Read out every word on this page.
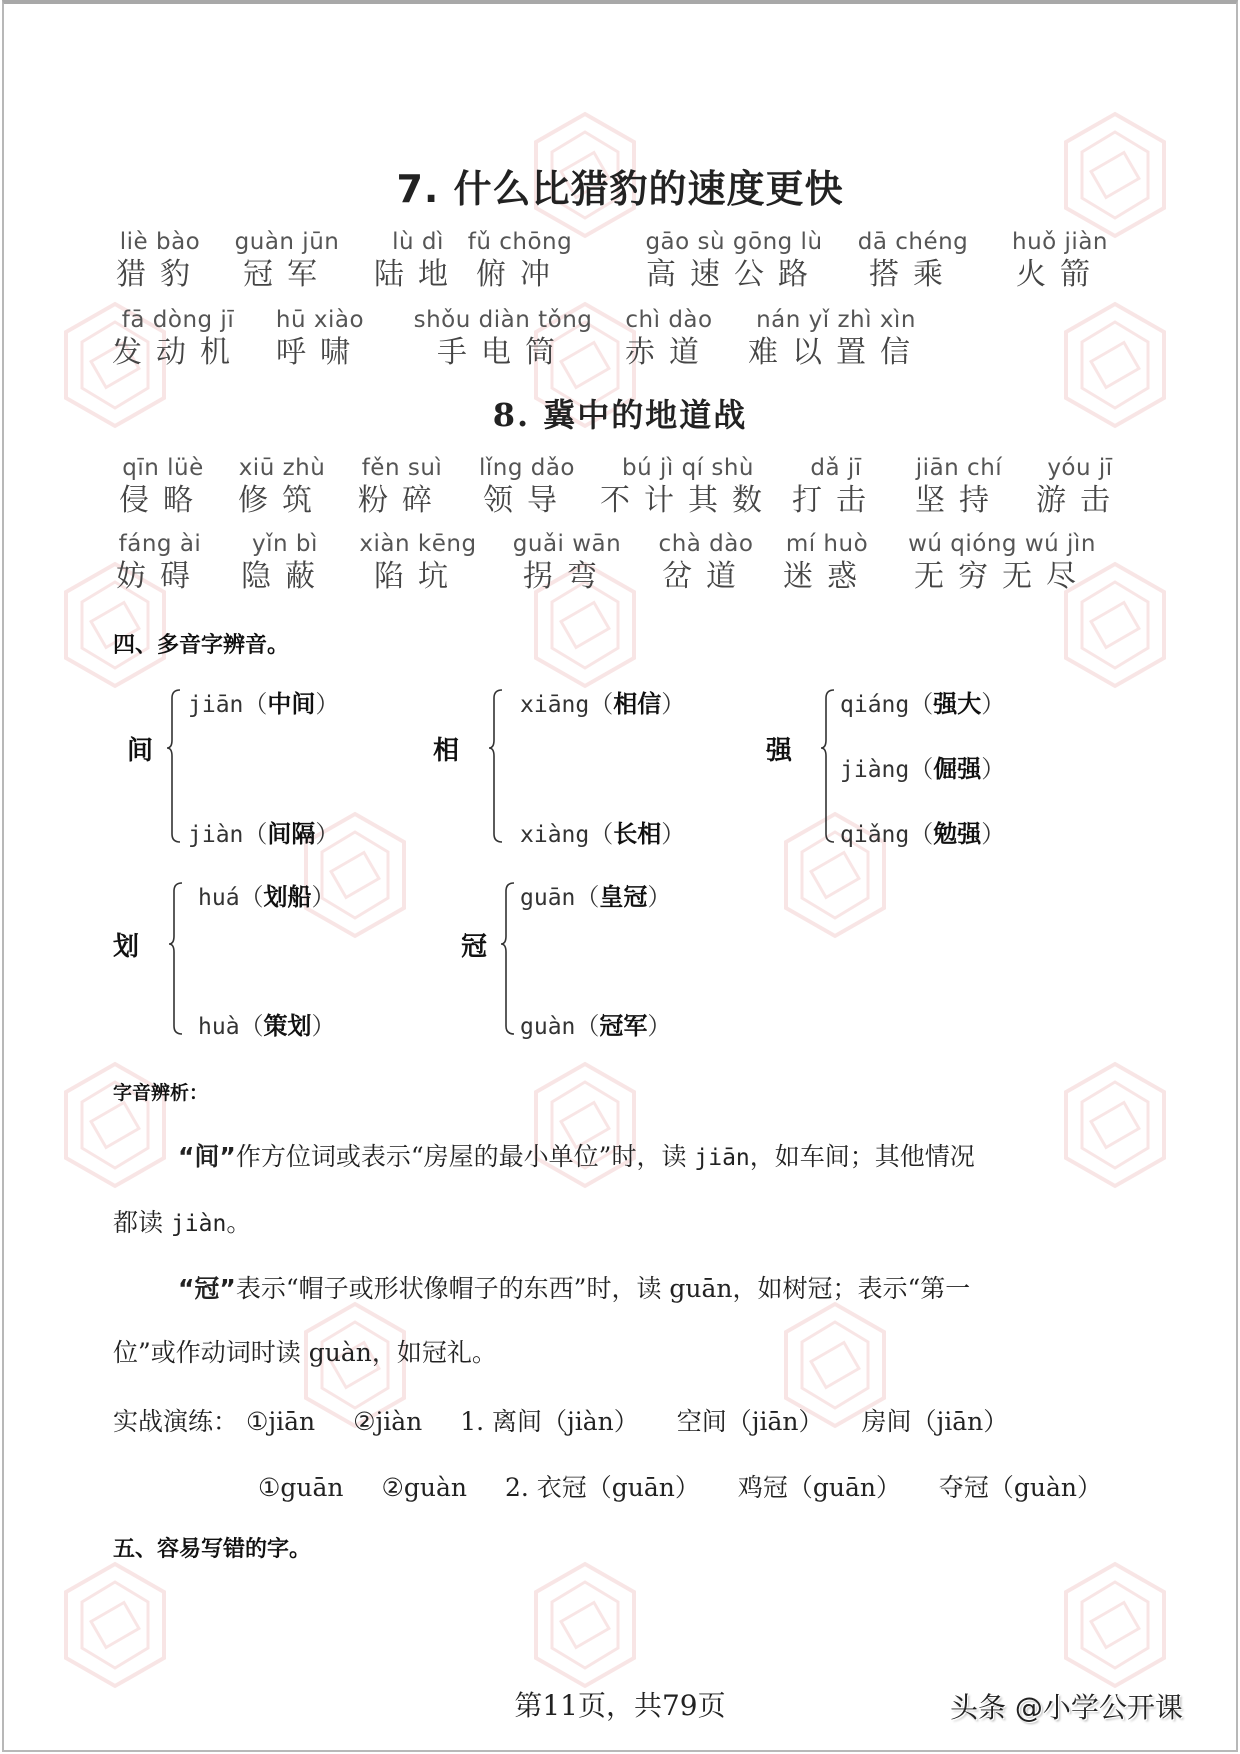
7. 什么比猎豹的速度更快
liè bào
猎豹
guàn jūn
冠军
lù dì
陆地
fǔ chōng
俯冲
gāo sù gōng lù
高速公路
dā chéng
搭乘
huǒ jiàn
火箭
fā dòng jī
发动机
hū xiào
呼啸
shǒu diàn tǒng
手电筒
chì dào
赤道
nán yǐ zhì xìn
难以置信
8. 冀中的地道战
qīn lüè
侵略
xiū zhù
修筑
fěn suì
粉碎
lǐng dǎo
领导
bú jì qí shù
不计其数
dǎ jī
打击
jiān chí
坚持
yóu jī
游击
fáng ài
妨碍
yǐn bì
隐蔽
xiàn kēng
陷坑
guǎi wān
拐弯
chà dào
岔道
mí huò
迷惑
wú qióng wú jìn
无穷无尽
四、多音字辨音。
间
jiān（中间）
jiàn（间隔）
相
xiāng（相信）
xiàng（长相）
强
qiáng（强大）
jiàng（倔强）
qiǎng（勉强）
划
huá（划船）
huà（策划）
冠
guān（皇冠）
guàn（冠军）
字音辨析：
“间”作方位词或表示“房屋的最小单位”时，读 jiān，如车间；其他情况
都读 jiàn。
“冠”表示“帽子或形状像帽子的东西”时，读 guān，如树冠；表示“第一
位”或作动词时读 guàn，如冠礼。
实战演练： ①jiān ②jiàn 1. 离间（jiàn） 空间（jiān） 房间（jiān）
①guān ②guàn 2. 衣冠（guān） 鸡冠（guān） 夺冠（guàn）
五、容易写错的字。
第11页，共79页	头条 @小学公开课
